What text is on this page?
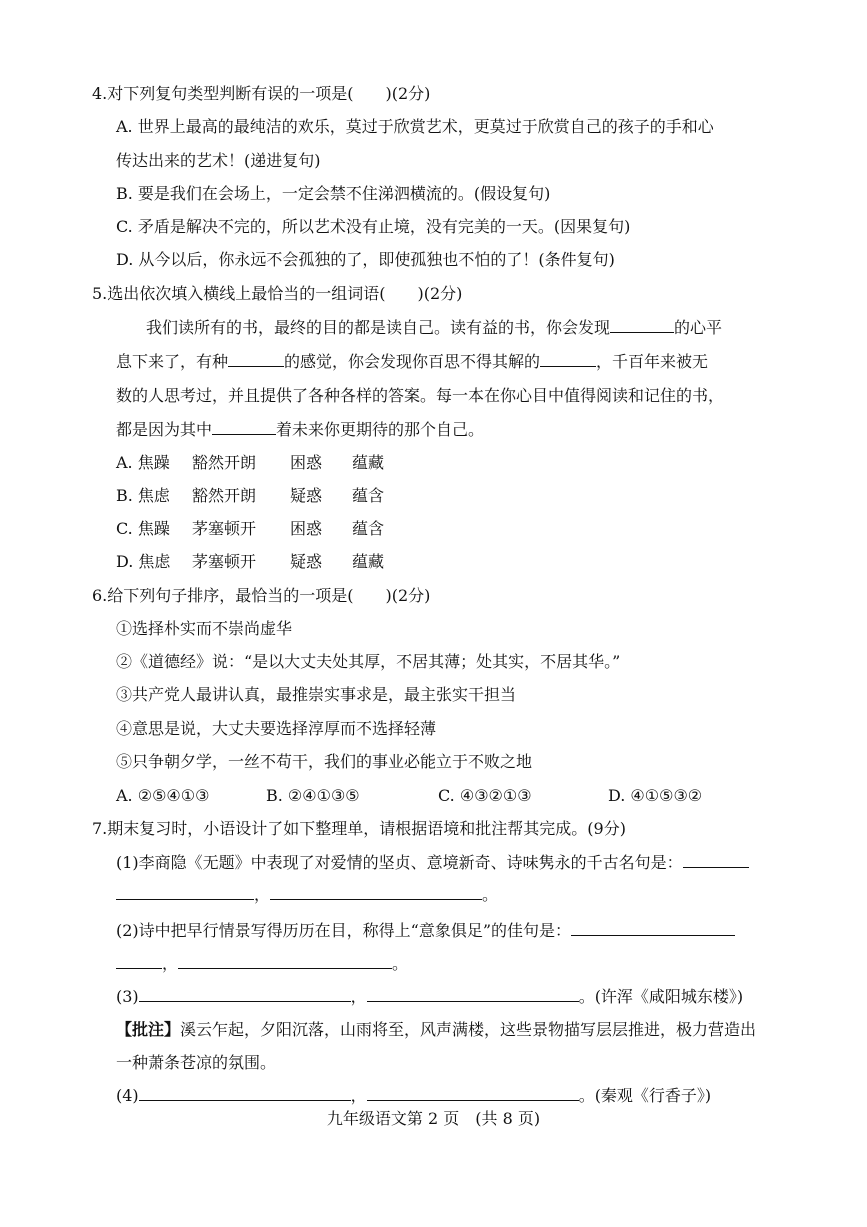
4.对下列复句类型判断有误的一项是(　　)(2分)
A. 世界上最高的最纯洁的欢乐，莫过于欣赏艺术，更莫过于欣赏自己的孩子的手和心
传达出来的艺术！(递进复句)
B. 要是我们在会场上，一定会禁不住涕泗横流的。(假设复句)
C. 矛盾是解决不完的，所以艺术没有止境，没有完美的一天。(因果复句)
D. 从今以后，你永远不会孤独的了，即使孤独也不怕的了！(条件复句)
5.选出依次填入横线上最恰当的一组词语(　　)(2分)
我们读所有的书，最终的目的都是读自己。读有益的书，你会发现	的心平
息下来了，有种	的感觉，你会发现你百思不得其解的	，千百年来被无
数的人思考过，并且提供了各种各样的答案。每一本在你心目中值得阅读和记住的书，
都是因为其中	着未来你更期待的那个自己。
A. 焦躁 豁然开朗 困惑 蕴藏
B. 焦虑 豁然开朗 疑惑 蕴含
C. 焦躁 茅塞顿开 困惑 蕴含
D. 焦虑 茅塞顿开 疑惑 蕴藏
6.给下列句子排序，最恰当的一项是(　　)(2分)
①选择朴实而不崇尚虚华
②《道德经》说：“是以大丈夫处其厚，不居其薄；处其实，不居其华。”
③共产党人最讲认真，最推崇实事求是，最主张实干担当
④意思是说，大丈夫要选择淳厚而不选择轻薄
⑤只争朝夕学，一丝不苟干，我们的事业必能立于不败之地
A. ②⑤④①③	B. ②④①③⑤	C. ④③②①③	D. ④①⑤③②
7.期末复习时，小语设计了如下整理单，请根据语境和批注帮其完成。(9分)
(1)李商隐《无题》中表现了对爱情的坚贞、意境新奇、诗味隽永的千古名句是：
，	。
(2)诗中把早行情景写得历历在目，称得上“意象俱足”的佳句是：
，	。
(3)	，	。(许浑《咸阳城东楼》)
【批注】溪云乍起，夕阳沉落，山雨将至，风声满楼，这些景物描写层层推进，极力营造出
一种萧条苍凉的氛围。
(4)	，	。(秦观《行香子》)
九年级语文第 2 页　(共 8 页)
